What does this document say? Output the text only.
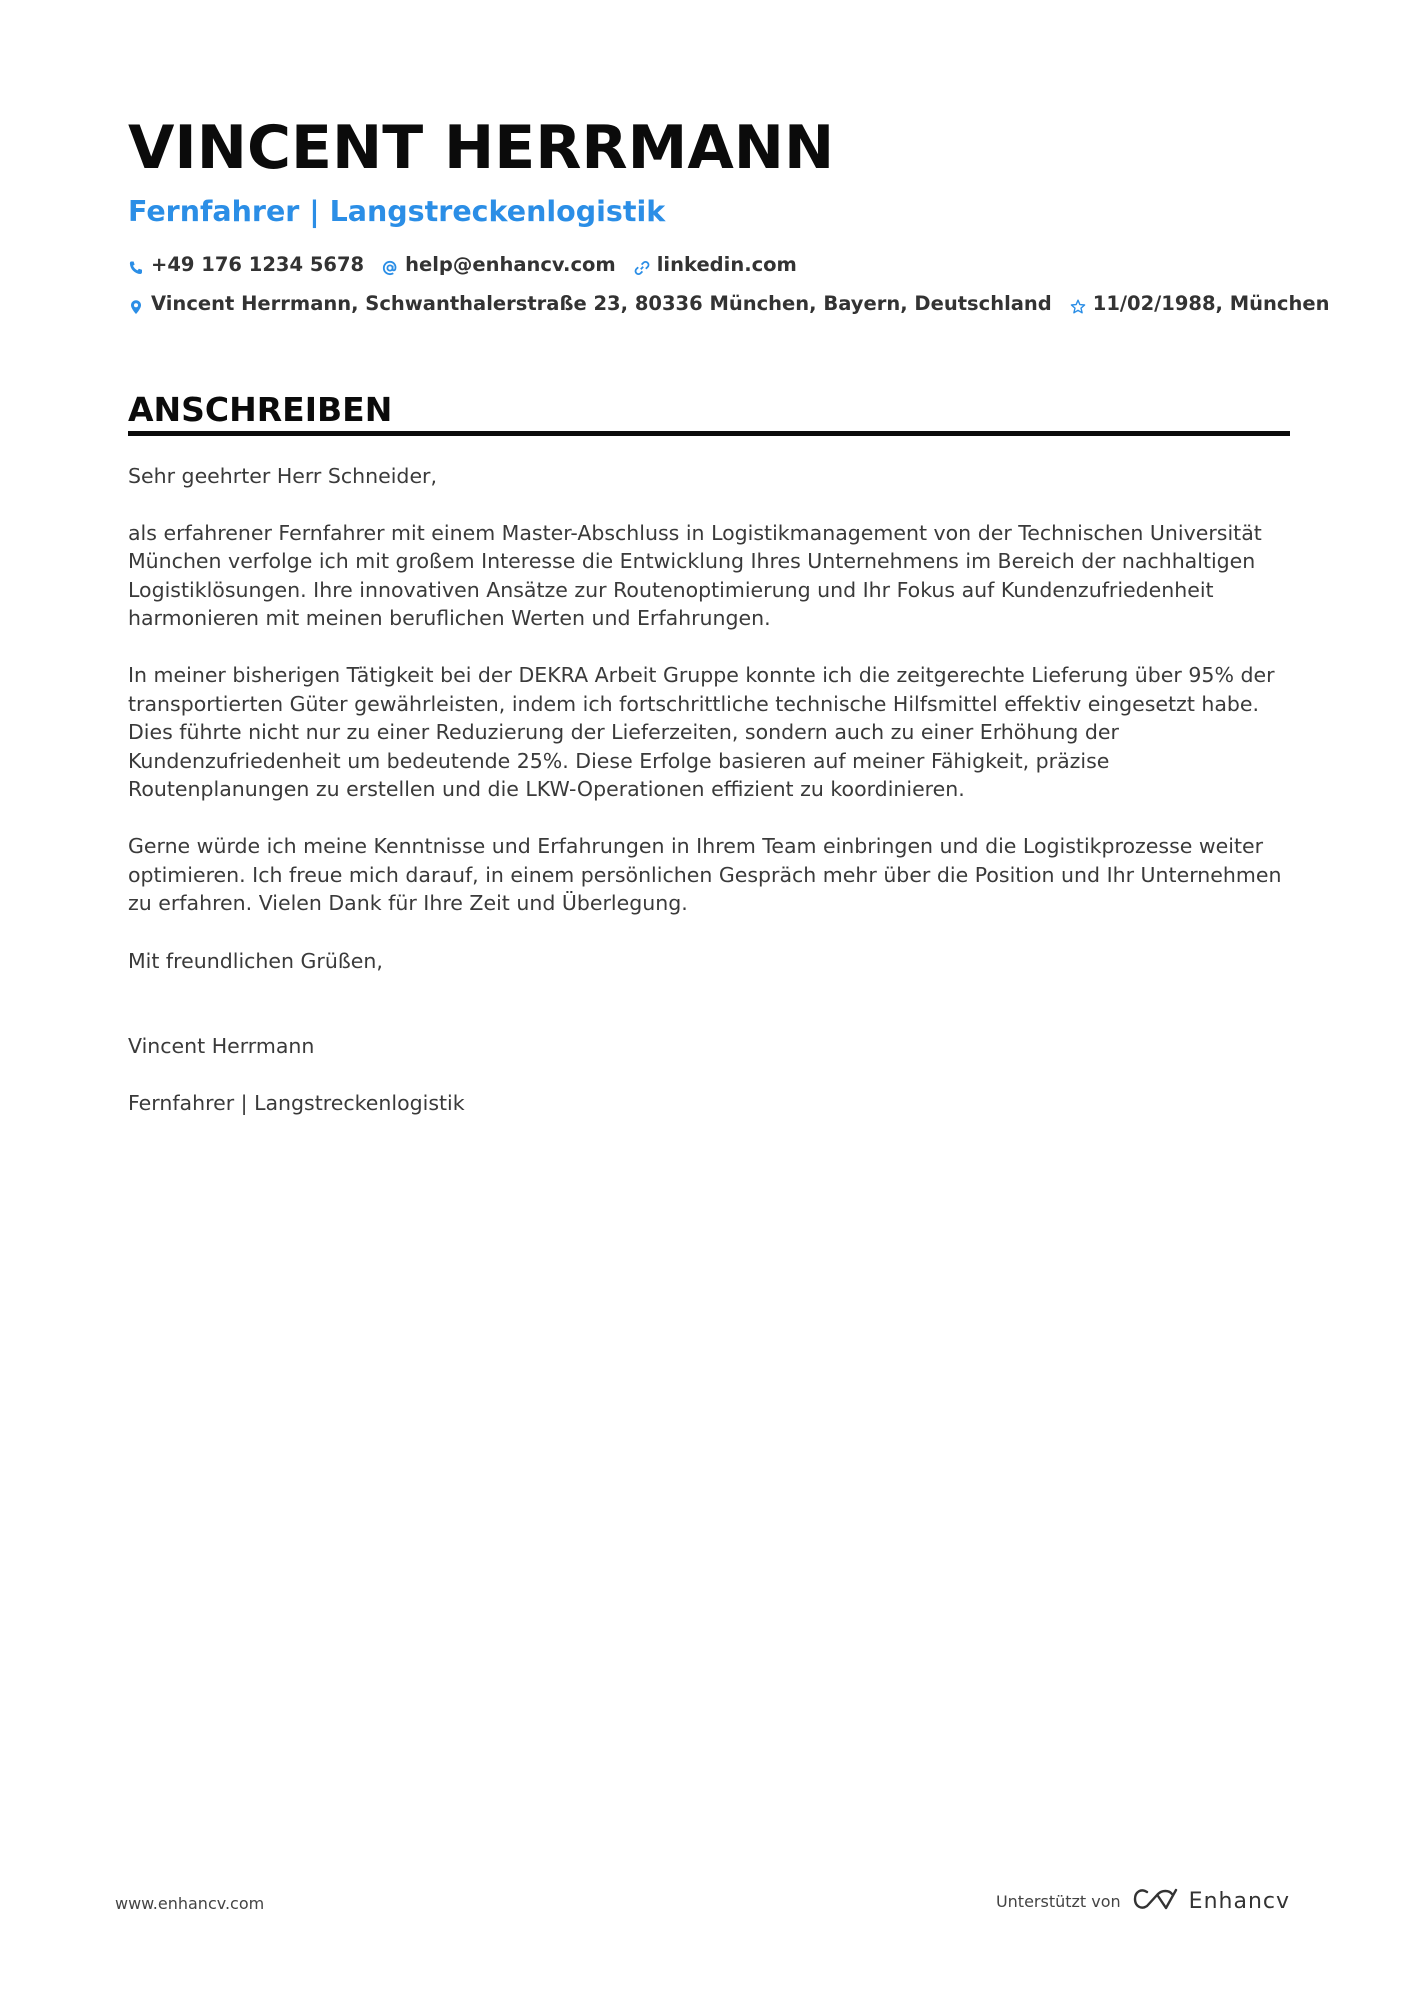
VINCENT HERRMANN
Fernfahrer | Langstreckenlogistik
+49 176 1234 5678 help@enhancv.com linkedin.com
Vincent Herrmann, Schwanthalerstraße 23, 80336 München, Bayern, Deutschland 11/02/1988, München
ANSCHREIBEN

Sehr geehrter Herr Schneider,

als erfahrener Fernfahrer mit einem Master-Abschluss in Logistikmanagement von der Technischen Universität München verfolge ich mit großem Interesse die Entwicklung Ihres Unternehmens im Bereich der nachhaltigen Logistiklösungen. Ihre innovativen Ansätze zur Routenoptimierung und Ihr Fokus auf Kundenzufriedenheit harmonieren mit meinen beruflichen Werten und Erfahrungen.

In meiner bisherigen Tätigkeit bei der DEKRA Arbeit Gruppe konnte ich die zeitgerechte Lieferung über 95% der transportierten Güter gewährleisten, indem ich fortschrittliche technische Hilfsmittel effektiv eingesetzt habe. Dies führte nicht nur zu einer Reduzierung der Lieferzeiten, sondern auch zu einer Erhöhung der Kundenzufriedenheit um bedeutende 25%. Diese Erfolge basieren auf meiner Fähigkeit, präzise Routenplanungen zu erstellen und die LKW-Operationen effizient zu koordinieren.

Gerne würde ich meine Kenntnisse und Erfahrungen in Ihrem Team einbringen und die Logistikprozesse weiter optimieren. Ich freue mich darauf, in einem persönlichen Gespräch mehr über die Position und Ihr Unternehmen zu erfahren. Vielen Dank für Ihre Zeit und Überlegung.

Mit freundlichen Grüßen,

Vincent Herrmann

Fernfahrer | Langstreckenlogistik

www.enhancv.com	Unterstützt von	Enhancv
